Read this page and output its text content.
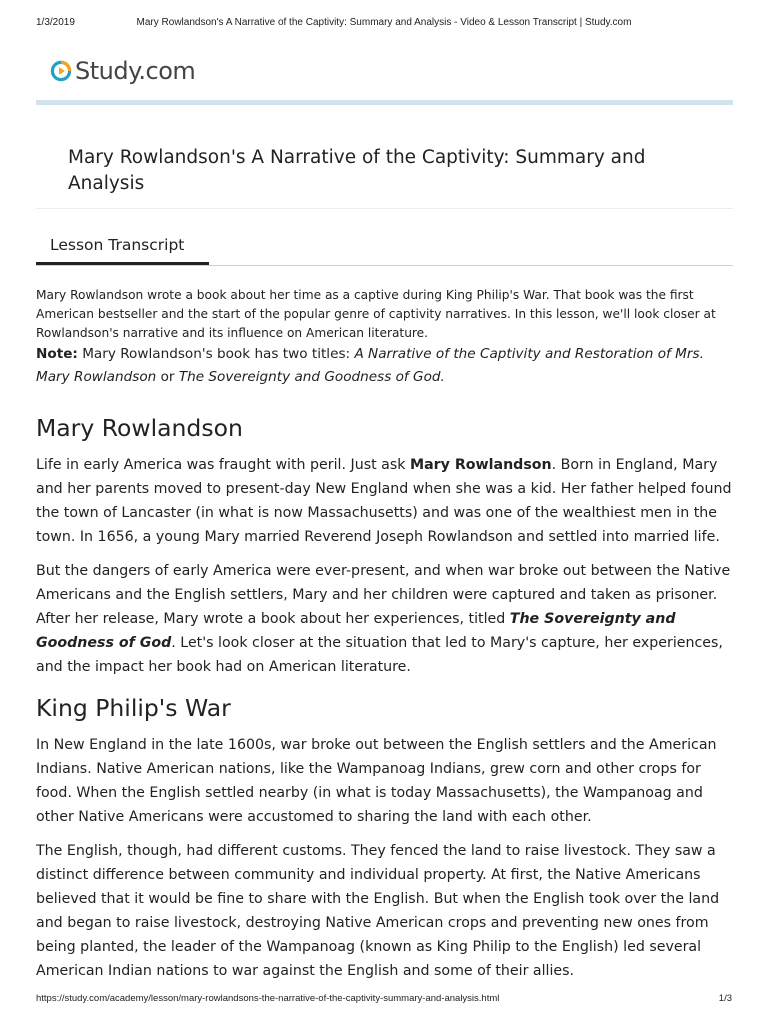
1/3/2019	Mary Rowlandson's A Narrative of the Captivity: Summary and Analysis - Video & Lesson Transcript | Study.com
Study.com
Mary Rowlandson's A Narrative of the Captivity: Summary and Analysis
Lesson Transcript

Mary Rowlandson wrote a book about her time as a captive during King Philip's War. That book was the first American bestseller and the start of the popular genre of captivity narratives. In this lesson, we'll look closer at Rowlandson's narrative and its influence on American literature.

Note: Mary Rowlandson's book has two titles: A Narrative of the Captivity and Restoration of Mrs. Mary Rowlandson or The Sovereignty and Goodness of God.

Mary Rowlandson

Life in early America was fraught with peril. Just ask Mary Rowlandson. Born in England, Mary and her parents moved to present-day New England when she was a kid. Her father helped found the town of Lancaster (in what is now Massachusetts) and was one of the wealthiest men in the town. In 1656, a young Mary married Reverend Joseph Rowlandson and settled into married life.

But the dangers of early America were ever-present, and when war broke out between the Native Americans and the English settlers, Mary and her children were captured and taken as prisoner. After her release, Mary wrote a book about her experiences, titled The Sovereignty and Goodness of God. Let's look closer at the situation that led to Mary's capture, her experiences, and the impact her book had on American literature.

King Philip's War

In New England in the late 1600s, war broke out between the English settlers and the American Indians. Native American nations, like the Wampanoag Indians, grew corn and other crops for food. When the English settled nearby (in what is today Massachusetts), the Wampanoag and other Native Americans were accustomed to sharing the land with each other.

The English, though, had different customs. They fenced the land to raise livestock. They saw a distinct difference between community and individual property. At first, the Native Americans believed that it would be fine to share with the English. But when the English took over the land and began to raise livestock, destroying Native American crops and preventing new ones from being planted, the leader of the Wampanoag (known as King Philip to the English) led several American Indian nations to war against the English and some of their allies.

https://study.com/academy/lesson/mary-rowlandsons-the-narrative-of-the-captivity-summary-and-analysis.html	1/3
